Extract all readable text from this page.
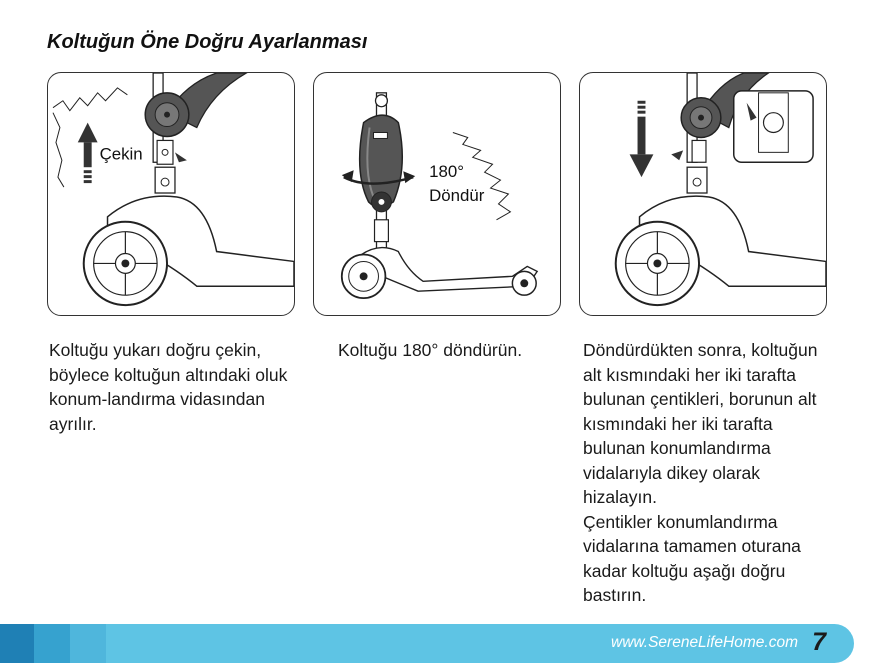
Koltuğun Öne Doğru Ayarlanması
Çekin
180°
Döndür
Koltuğu yukarı doğru çekin, böylece koltuğun altındaki oluk konum-landırma vidasından ayrılır.
Koltuğu 180° döndürün.	Döndürdükten sonra, koltuğun
alt kısmındaki her iki tarafta
bulunan çentikleri, borunun alt
kısmındaki her iki tarafta
bulunan konumlandırma
vidalarıyla dikey olarak
hizalayın.
Çentikler konumlandırma
vidalarına tamamen oturana
kadar koltuğu aşağı doğru
bastırın.
www.SereneLifeHome.com 7
